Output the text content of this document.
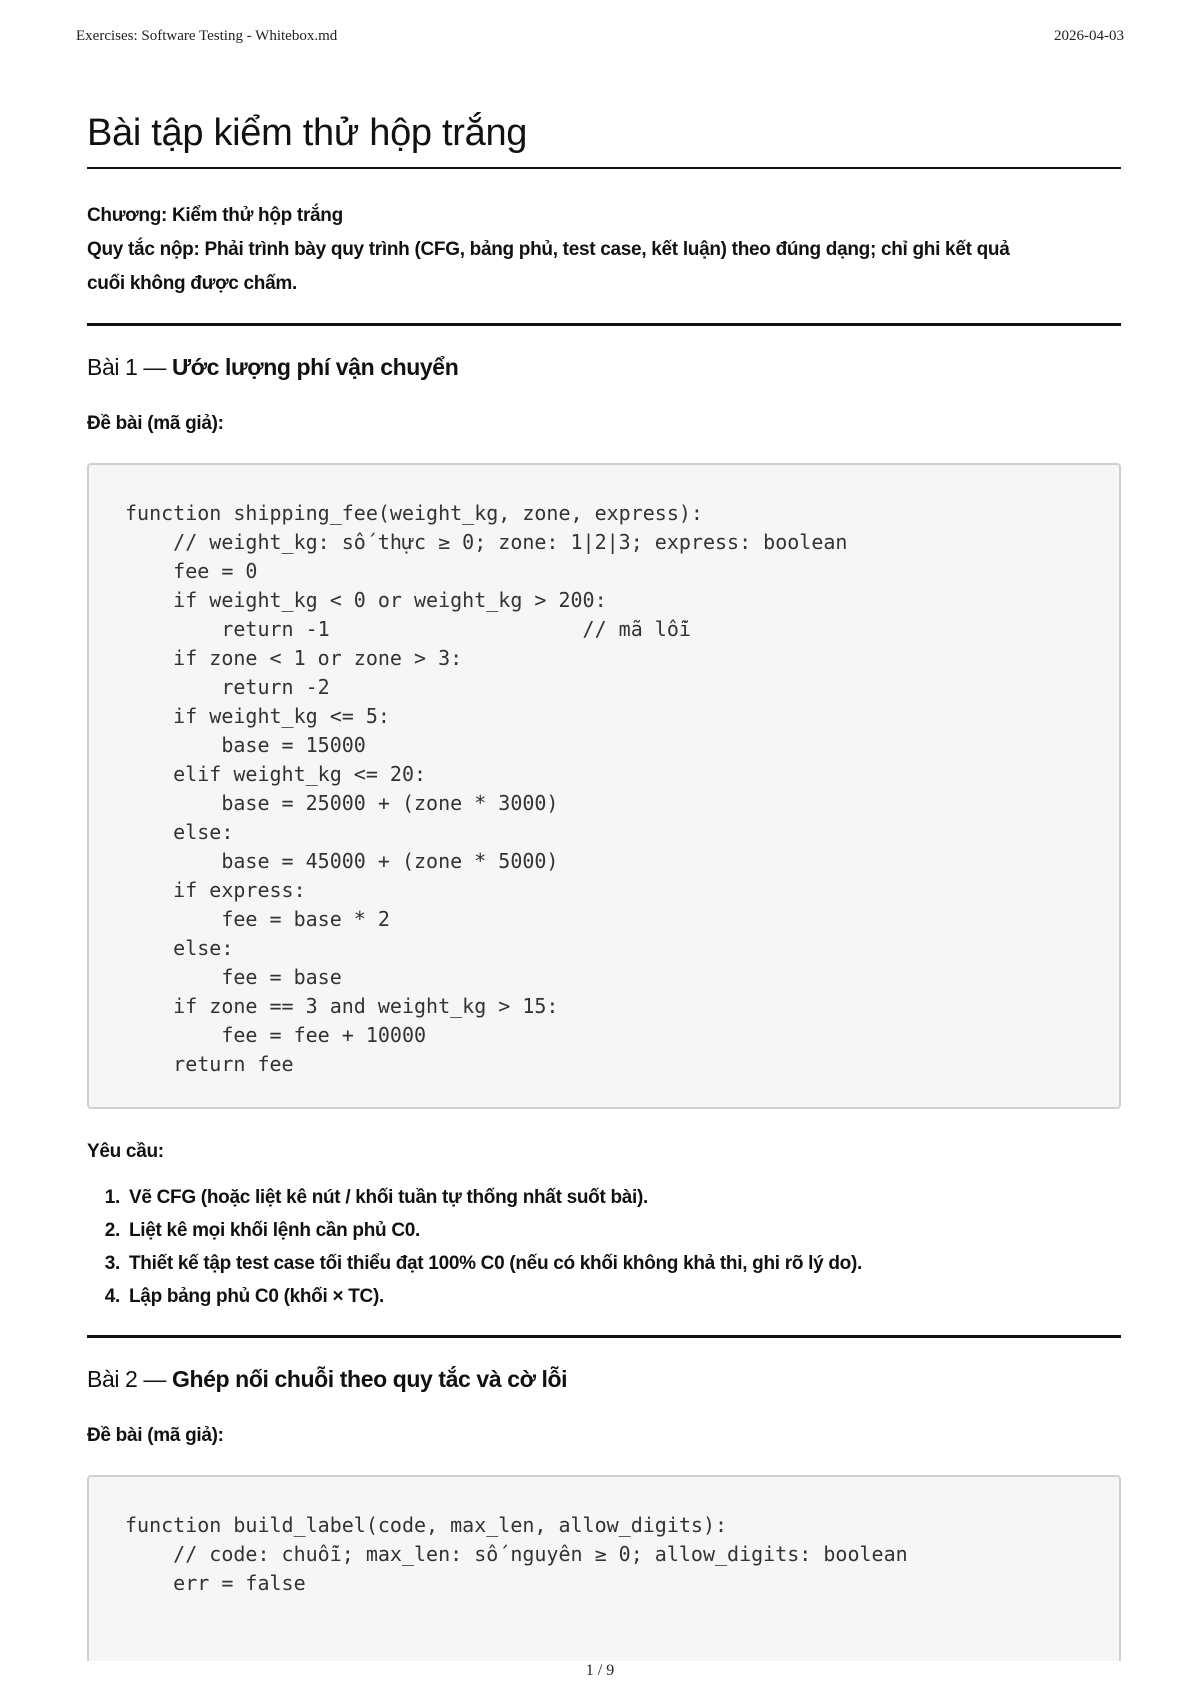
Exercises: Software Testing - Whitebox.md	2026-04-03
Bài tập kiểm thử hộp trắng
Chương: Kiểm thử hộp trắng
Quy tắc nộp: Phải trình bày quy trình (CFG, bảng phủ, test case, kết luận) theo đúng dạng; chỉ ghi kết quả
cuối không được chấm.
Bài 1 — Ước lượng phí vận chuyển
Đề bài (mã giả):
function shipping_fee(weight_kg, zone, express):
// weight_kg: số thực ≥ 0; zone: 1|2|3; express: boolean
fee = 0
if weight_kg < 0 or weight_kg > 200:
return -1                     // mã lỗi
if zone < 1 or zone > 3:
return -2
if weight_kg <= 5:
base = 15000
elif weight_kg <= 20:
base = 25000 + (zone * 3000)
else:
base = 45000 + (zone * 5000)
if express:
fee = base * 2
else:
fee = base
if zone == 3 and weight_kg > 15:
fee = fee + 10000
return fee
Yêu cầu:
1. Vẽ CFG (hoặc liệt kê nút / khối tuần tự thống nhất suốt bài).
2. Liệt kê mọi khối lệnh cần phủ C0.
3. Thiết kế tập test case tối thiểu đạt 100% C0 (nếu có khối không khả thi, ghi rõ lý do).
4. Lập bảng phủ C0 (khối × TC).
Bài 2 — Ghép nối chuỗi theo quy tắc và cờ lỗi
Đề bài (mã giả):
function build_label(code, max_len, allow_digits):
// code: chuỗi; max_len: số nguyên ≥ 0; allow_digits: boolean
err = false
1 / 9
